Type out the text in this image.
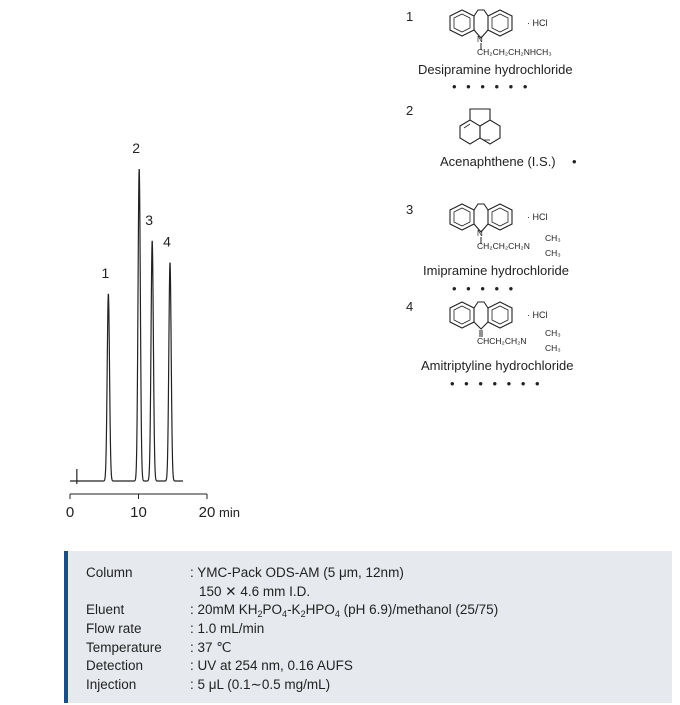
0	10	20
1
2
3
4
min
1
N
· HCl
CH₂CH₂CH₂NHCH₃
Desipramine hydrochloride
• • • • • •
2
Acenaphthene (I.S.) •
3
N
· HCl
CH₂CH₂CH₂N
CH₃
CH₃
Imipramine hydrochloride
• • • • •
4
· HCl
CHCH₂CH₂N
CH₃
CH₃
Amitriptyline hydrochloride
• • • • • • •
Column	: YMC-Pack ODS-AM (5 μm, 12nm)
150 ✕ 4.6 mm I.D.
Eluent	: 20mM $KH_2PO_4-K_2HPO_4$ (pH 6.9)/methanol (25/75)
Flow rate	: 1.0 mL/min
Temperature : 37 ℃
Detection	: UV at 254 nm, 0.16 AUFS
Injection	: 5 μL (0.1∼0.5 mg/mL)
